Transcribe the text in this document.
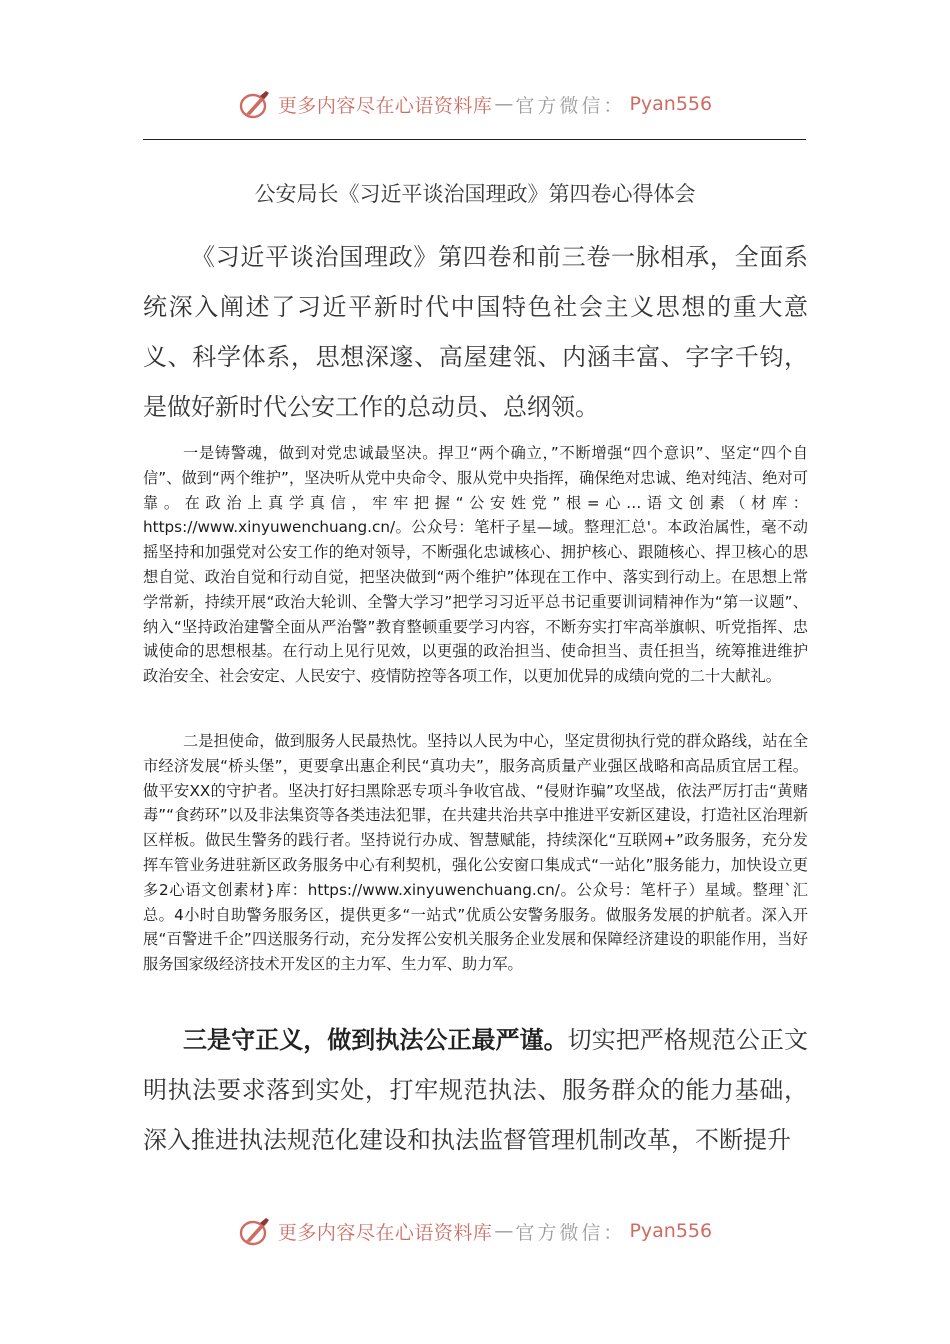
更多内容尽在心语资料库 — 官方微信： Pyan556
公安局长《习近平谈治国理政》第四卷心得体会

《习近平谈治国理政》第四卷和前三卷一脉相承，全面系统深入阐述了习近平新时代中国特色社会主义思想的重大意义、科学体系，思想深邃、高屋建瓴、内涵丰富、字字千钧，是做好新时代公安工作的总动员、总纲领。

一是铸警魂，做到对党忠诚最坚决。捍卫“两个确立，”不断增强“四个意识”、坚定“四个自信”、做到“两个维护”，坚决听从党中央命令、服从党中央指挥，确保绝对忠诚、绝对纯洁、绝对可靠。在政治上真学真信，牢牢把握“公安姓党”根=心…语文创素（材库：https://www.xinyuwenchuang.cn/。公众号：笔杆子星—域。整理汇总'。本政治属性，毫不动摇坚持和加强党对公安工作的绝对领导，不断强化忠诚核心、拥护核心、跟随核心、捍卫核心的思想自觉、政治自觉和行动自觉，把坚决做到“两个维护”体现在工作中、落实到行动上。在思想上常学常新，持续开展“政治大轮训、全警大学习”把学习习近平总书记重要训词精神作为“第一议题”、纳入“坚持政治建警全面从严治警”教育整顿重要学习内容，不断夯实打牢高举旗帜、听党指挥、忠诚使命的思想根基。在行动上见行见效，以更强的政治担当、使命担当、责任担当，统筹推进维护政治安全、社会安定、人民安宁、疫情防控等各项工作，以更加优异的成绩向党的二十大献礼。

二是担使命，做到服务人民最热忱。坚持以人民为中心，坚定贯彻执行党的群众路线，站在全市经济发展“桥头堡”，更要拿出惠企利民“真功夫”，服务高质量产业强区战略和高品质宜居工程。做平安XX的守护者。坚决打好扫黑除恶专项斗争收官战、“侵财诈骗”攻坚战，依法严厉打击“黄赌毒”“食药环”以及非法集资等各类违法犯罪，在共建共治共享中推进平安新区建设，打造社区治理新区样板。做民生警务的践行者。坚持说行办成、智慧赋能，持续深化“互联网+”政务服务，充分发挥车管业务进驻新区政务服务中心有利契机，强化公安窗口集成式“一站化”服务能力，加快设立更多2心语文创素材}库：https://www.xinyuwenchuang.cn/。公众号：笔杆子）星域。整理`汇总。4小时自助警务服务区，提供更多“一站式”优质公安警务服务。做服务发展的护航者。深入开展“百警进千企”四送服务行动，充分发挥公安机关服务企业发展和保障经济建设的职能作用，当好服务国家级经济技术开发区的主力军、生力军、助力军。

三是守正义，做到执法公正最严谨。切实把严格规范公正文明执法要求落到实处，打牢规范执法、服务群众的能力基础，深入推进执法规范化建设和执法监督管理机制改革，不断提升

更多内容尽在心语资料库 — 官方微信： Pyan556
